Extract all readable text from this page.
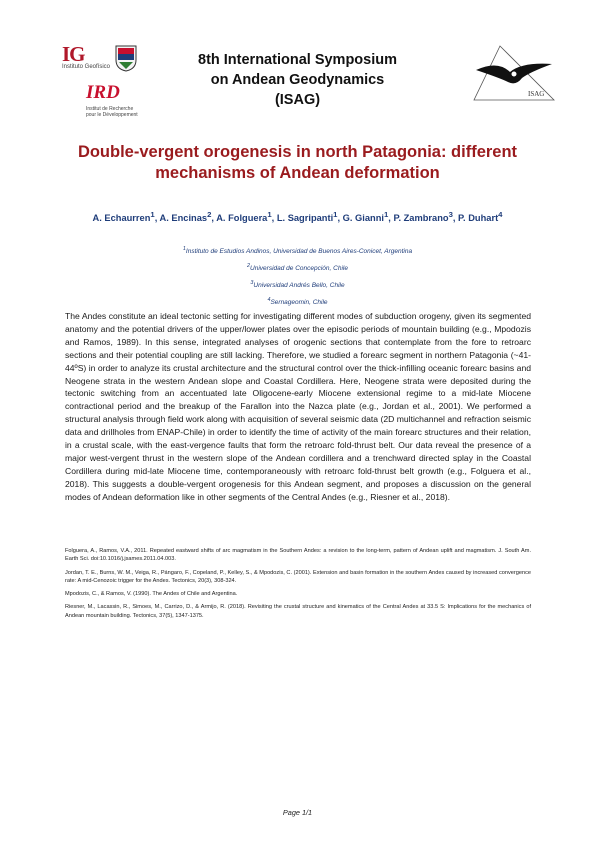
IG
Instituto Geofísico
IRD
Institut de Recherche pour le Développement
8th International Symposium
on Andean Geodynamics
(ISAG)	ISAG
Double-vergent orogenesis in north Patagonia: different
mechanisms of Andean deformation
A. Echaurren$^1$, A. Encinas$^2$, A. Folguera$^1$, L. Sagripanti$^1$, G. Gianni$^1$, P. Zambrano$^3$, P. Duhart$^4$

$^1$Instituto de Estudios Andinos, Universidad de Buenos Aires-Conicet, Argentina

$^2$Universidad de Concepción, Chile

$^3$Universidad Andrés Bello, Chile

$^4$Sernageomin, Chile

The Andes constitute an ideal tectonic setting for investigating different modes of subduction orogeny, given its segmented anatomy and the potential drivers of the upper/lower plates over the episodic periods of mountain building (e.g., Mpodozis and Ramos, 1989). In this sense, integrated analyses of orogenic sections that contemplate from the fore to retroarc sections and their potential coupling are still lacking. Therefore, we studied a forearc segment in northern Patagonia (~41-44ºS) in order to analyze its crustal architecture and the structural control over the thick-infilling oceanic forearc basins and Neogene strata in the western Andean slope and Coastal Cordillera. Here, Neogene strata were deposited during the tectonic switching from an accentuated late Oligocene-early Miocene extensional regime to a mid-late Miocene contractional period and the breakup of the Farallon into the Nazca plate (e.g., Jordan et al., 2001). We performed a structural analysis through field work along with acquisition of several seismic data (2D multichannel and refraction seismic data and drillholes from ENAP-Chile) in order to identify the time of activity of the main forearc structures and their relation, in a crustal scale, with the east-vergence faults that form the retroarc fold-thrust belt. Our data reveal the presence of a major west-vergent thrust in the western slope of the Andean cordillera and a trenchward directed splay in the Coastal Cordillera during mid-late Miocene time, contemporaneously with retroarc fold-thrust belt growth (e.g., Folguera et al., 2018). This suggests a double-vergent orogenesis for this Andean segment, and proposes a discussion on the general modes of Andean deformation like in other segments of the Central Andes (e.g., Riesner et al., 2018).

Folguera, A., Ramos, V.A., 2011. Repeated eastward shifts of arc magmatism in the Southern Andes: a revision to the long-term, pattern of Andean uplift and magmatism. J. South Am. Earth Sci. doi:10.1016/j.jsames.2011.04.003.

Jordan, T. E., Burns, W. M., Veiga, R., Pángaro, F., Copeland, P., Kelley, S., & Mpodozis, C. (2001). Extension and basin formation in the southern Andes caused by increased convergence rate: A mid-Cenozoic trigger for the Andes. Tectonics, 20(3), 308-324.

Mpodozis, C., & Ramos, V. (1990). The Andes of Chile and Argentina.

Riesner, M., Lacassin, R., Simoes, M., Carrizo, D., & Armijo, R. (2018). Revisiting the crustal structure and kinematics of the Central Andes at 33.5 S: Implications for the mechanics of Andean mountain building. Tectonics, 37(5), 1347-1375.

Page 1/1
